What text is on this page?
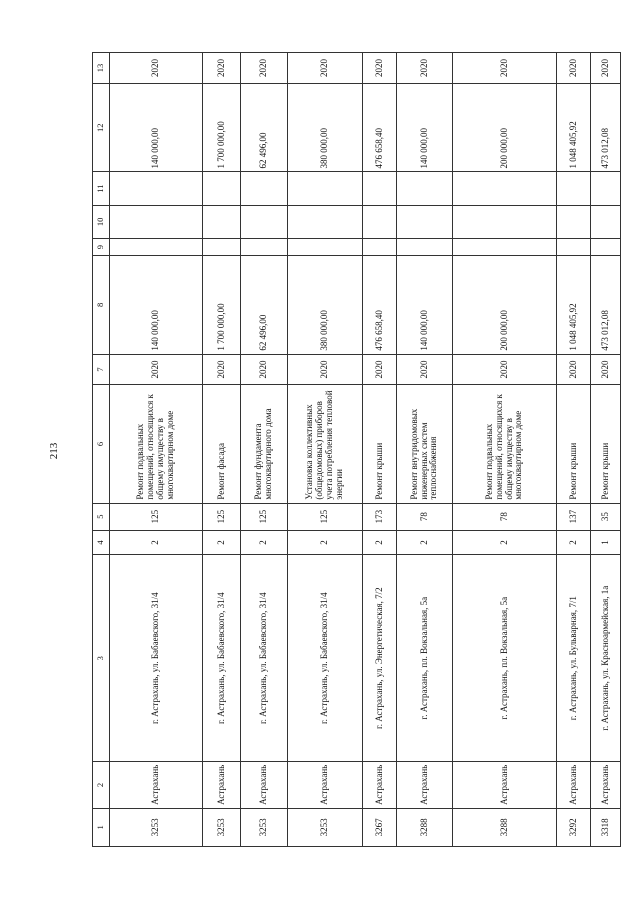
213
1	2	3	4	5	6	7	8	9	10	11	12	13
3253	Астрахань	г. Астрахань, ул. Бабаевского, 31/4	2	125	Ремонт подвальных помещений, относящихся к общему имуществу в многоквартирном доме	2020	140 000,00				140 000,00	2020
3253	Астрахань	г. Астрахань, ул. Бабаевского, 31/4	2	125	Ремонт фасада	2020	1 700 000,00				1 700 000,00	2020
3253	Астрахань	г. Астрахань, ул. Бабаевского, 31/4	2	125	Ремонт фундамента многоквартирного дома	2020	62 496,00				62 496,00	2020
3253	Астрахань	г. Астрахань, ул. Бабаевского, 31/4	2	125	Установка коллективных (общедомовых) приборов учета потребления тепловой энергии	2020	380 000,00				380 000,00	2020
3267	Астрахань	г. Астрахань, ул. Энергетическая, 7/2	2	173	Ремонт крыши	2020	476 658,40				476 658,40	2020
3288	Астрахань	г. Астрахань, пл. Вокзальная, 5а	2	78	Ремонт внутридомовых инженерных систем теплоснабжения	2020	140 000,00				140 000,00	2020
3288	Астрахань	г. Астрахань, пл. Вокзальная, 5а	2	78	Ремонт подвальных помещений, относящихся к общему имуществу в многоквартирном доме	2020	200 000,00				200 000,00	2020
3292	Астрахань	г. Астрахань, ул. Бульварная, 7/1	2	137	Ремонт крыши	2020	1 048 405,92				1 048 405,92	2020
3318	Астрахань	г. Астрахань, ул. Красноармейская, 1а	1	35	Ремонт крыши	2020	473 012,08				473 012,08	2020
